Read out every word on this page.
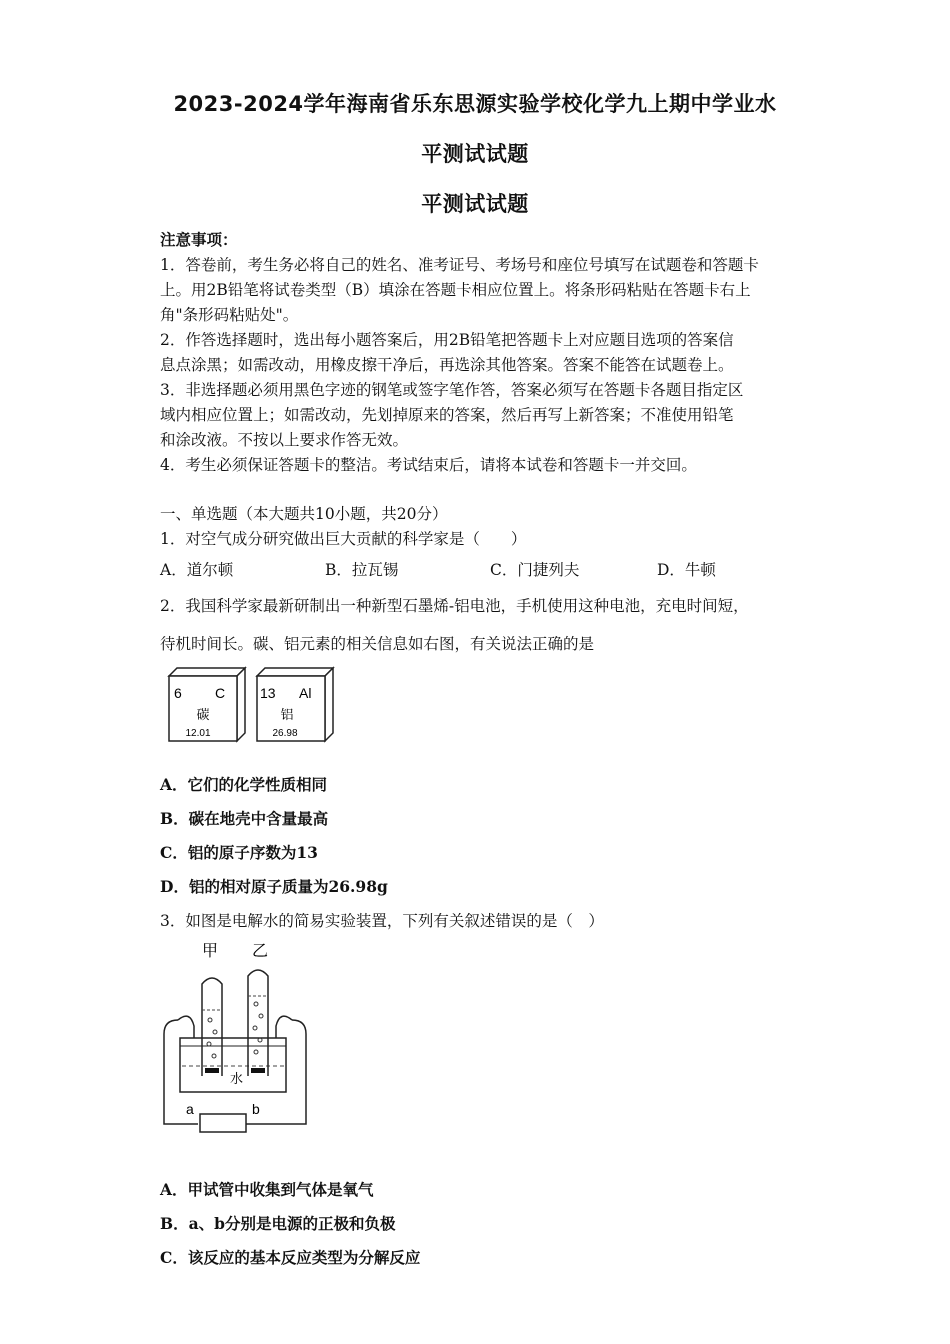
2023-2024学年海南省乐东思源实验学校化学九上期中学业水
平测试试题
平测试试题
注意事项：
1．答卷前，考生务必将自己的姓名、准考证号、考场号和座位号填写在试题卷和答题卡
上。用2B铅笔将试卷类型（B）填涂在答题卡相应位置上。将条形码粘贴在答题卡右上
角"条形码粘贴处"。
2．作答选择题时，选出每小题答案后，用2B铅笔把答题卡上对应题目选项的答案信
息点涂黑；如需改动，用橡皮擦干净后，再选涂其他答案。答案不能答在试题卷上。
3．非选择题必须用黑色字迹的钢笔或签字笔作答，答案必须写在答题卡各题目指定区
域内相应位置上；如需改动，先划掉原来的答案，然后再写上新答案；不准使用铅笔
和涂改液。不按以上要求作答无效。
4．考生必须保证答题卡的整洁。考试结束后，请将本试卷和答题卡一并交回。
一、单选题（本大题共10小题，共20分）
1．对空气成分研究做出巨大贡献的科学家是（　　）
A．道尔顿	B．拉瓦锡	C．门捷列夫	D．牛顿
2．我国科学家最新研制出一种新型石墨烯-铝电池，手机使用这种电池，充电时间短，
待机时间长。碳、铝元素的相关信息如右图，有关说法正确的是
6 C
碳
12.01
13 Al
铝
26.98
A．它们的化学性质相同
B．碳在地壳中含量最高
C．铝的原子序数为13
D．铝的相对原子质量为26.98g
3．如图是电解水的简易实验装置，下列有关叙述错误的是（　）
甲 乙
a	b
水
A．甲试管中收集到气体是氧气
B．a、b分别是电源的正极和负极
C．该反应的基本反应类型为分解反应
